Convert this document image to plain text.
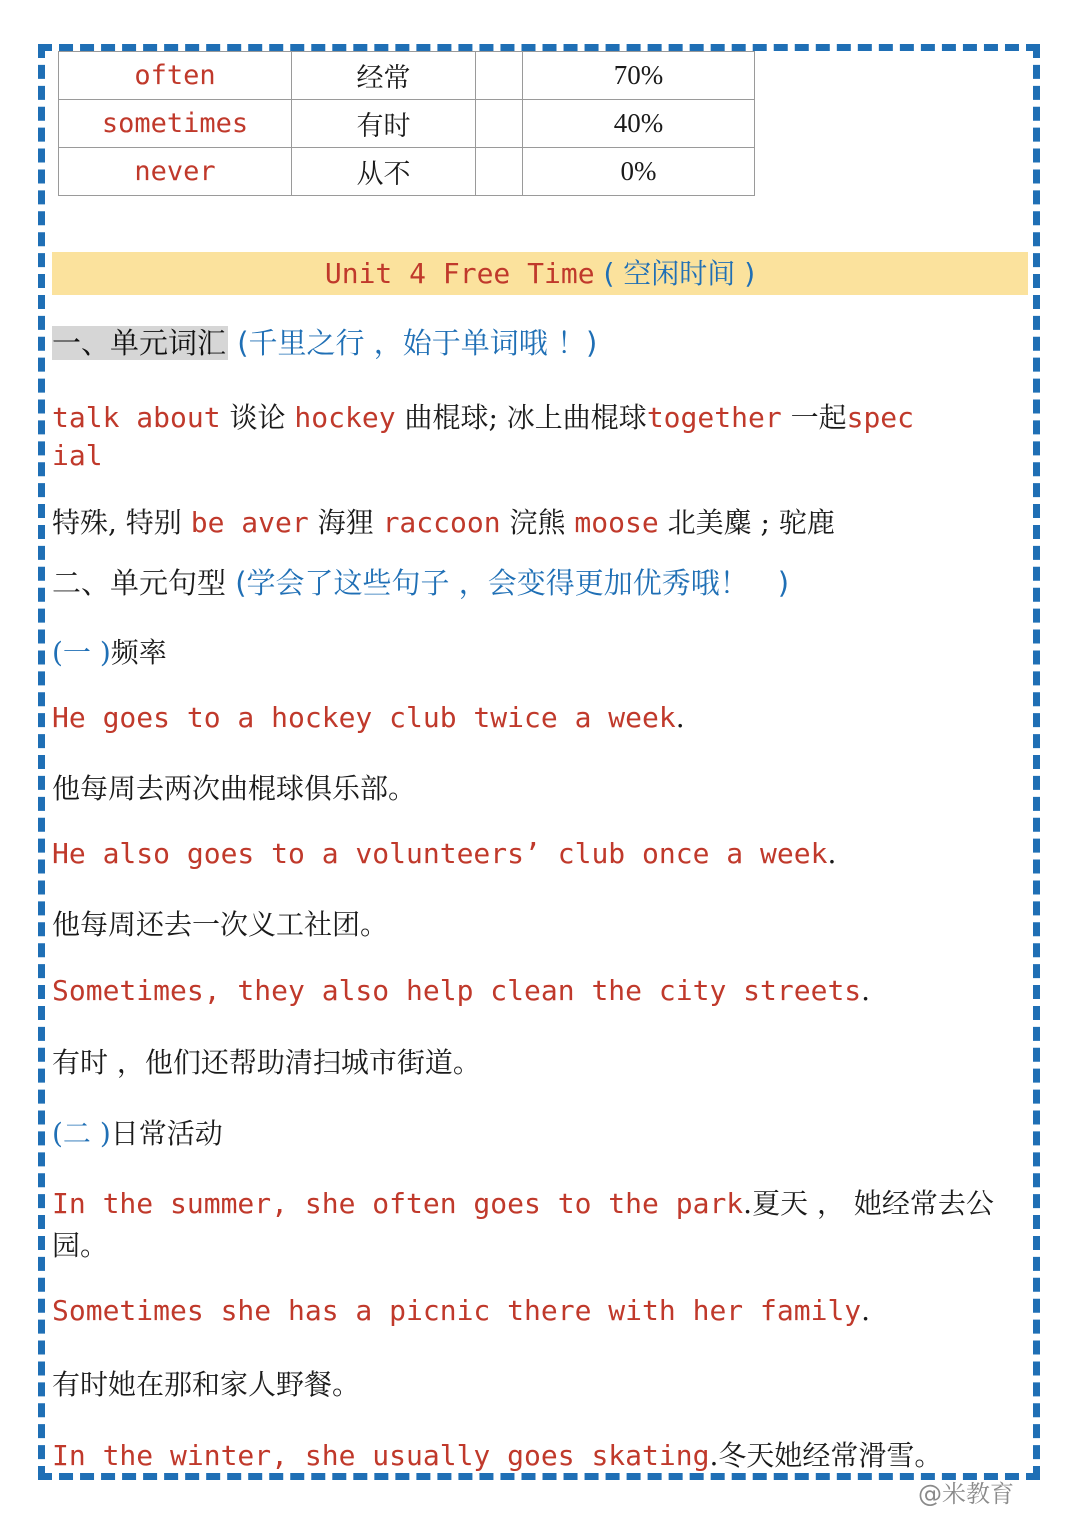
often	经常		70%
sometimes	有时		40%
never	从不		0%
Unit 4 Free Time ( 空闲时间 )
一、单元词汇 (千里之行 ，始于单词哦 ！)
talk about 谈论 hockey 曲棍球; 冰上曲棍球together 一起spec
ial
特殊, 特别 be aver 海狸 raccoon 浣熊 moose 北美麋 ; 驼鹿
二、单元句型 (学会了这些句子 ，会变得更加优秀哦！　)
(一 )频率
He goes to a hockey club twice a week.
他每周去两次曲棍球俱乐部。
He also goes to a volunteers’ club once a week.
他每周还去一次义工社团。
Sometimes, they also help clean the city streets.
有时 ，他们还帮助清扫城市街道。
(二 )日常活动
In the summer, she often goes to the park.夏天 ， 她经常去公
园。
Sometimes she has a picnic there with her family.
有时她在那和家人野餐。
In the winter, she usually goes skating.冬天她经常滑雪。
@米教育
